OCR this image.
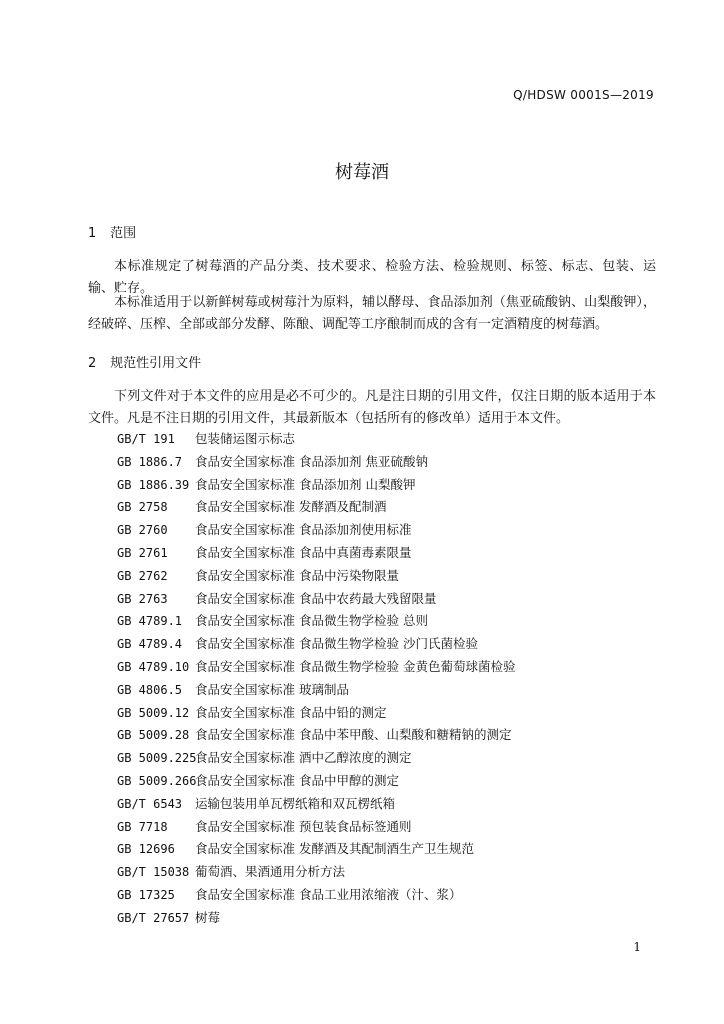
Q/HDSW 0001S—2019
树莓酒
1 范围

本标准规定了树莓酒的产品分类、技术要求、检验方法、检验规则、标签、标志、包装、运输、贮存。

本标准适用于以新鲜树莓或树莓汁为原料，辅以酵母、食品添加剂（焦亚硫酸钠、山梨酸钾），经破碎、压榨、全部或部分发酵、陈酿、调配等工序酿制而成的含有一定酒精度的树莓酒。

2 规范性引用文件

下列文件对于本文件的应用是必不可少的。凡是注日期的引用文件，仅注日期的版本适用于本文件。凡是不注日期的引用文件，其最新版本（包括所有的修改单）适用于本文件。

GB/T 191 包装储运图示标志
GB 1886.7 食品安全国家标准 食品添加剂 焦亚硫酸钠
GB 1886.39 食品安全国家标准 食品添加剂 山梨酸钾
GB 2758 食品安全国家标准 发酵酒及配制酒
GB 2760 食品安全国家标准 食品添加剂使用标准
GB 2761 食品安全国家标准 食品中真菌毒素限量
GB 2762 食品安全国家标准 食品中污染物限量
GB 2763 食品安全国家标准 食品中农药最大残留限量
GB 4789.1 食品安全国家标准 食品微生物学检验 总则
GB 4789.4 食品安全国家标准 食品微生物学检验 沙门氏菌检验
GB 4789.10 食品安全国家标准 食品微生物学检验 金黄色葡萄球菌检验
GB 4806.5 食品安全国家标准 玻璃制品
GB 5009.12 食品安全国家标准 食品中铅的测定
GB 5009.28 食品安全国家标准 食品中苯甲酸、山梨酸和糖精钠的测定
GB 5009.225食品安全国家标准 酒中乙醇浓度的测定
GB 5009.266食品安全国家标准 食品中甲醇的测定
GB/T 6543 运输包装用单瓦楞纸箱和双瓦楞纸箱
GB 7718 食品安全国家标准 预包装食品标签通则
GB 12696 食品安全国家标准 发酵酒及其配制酒生产卫生规范
GB/T 15038 葡萄酒、果酒通用分析方法
GB 17325 食品安全国家标准 食品工业用浓缩液（汁、浆）
GB/T 27657 树莓
1
